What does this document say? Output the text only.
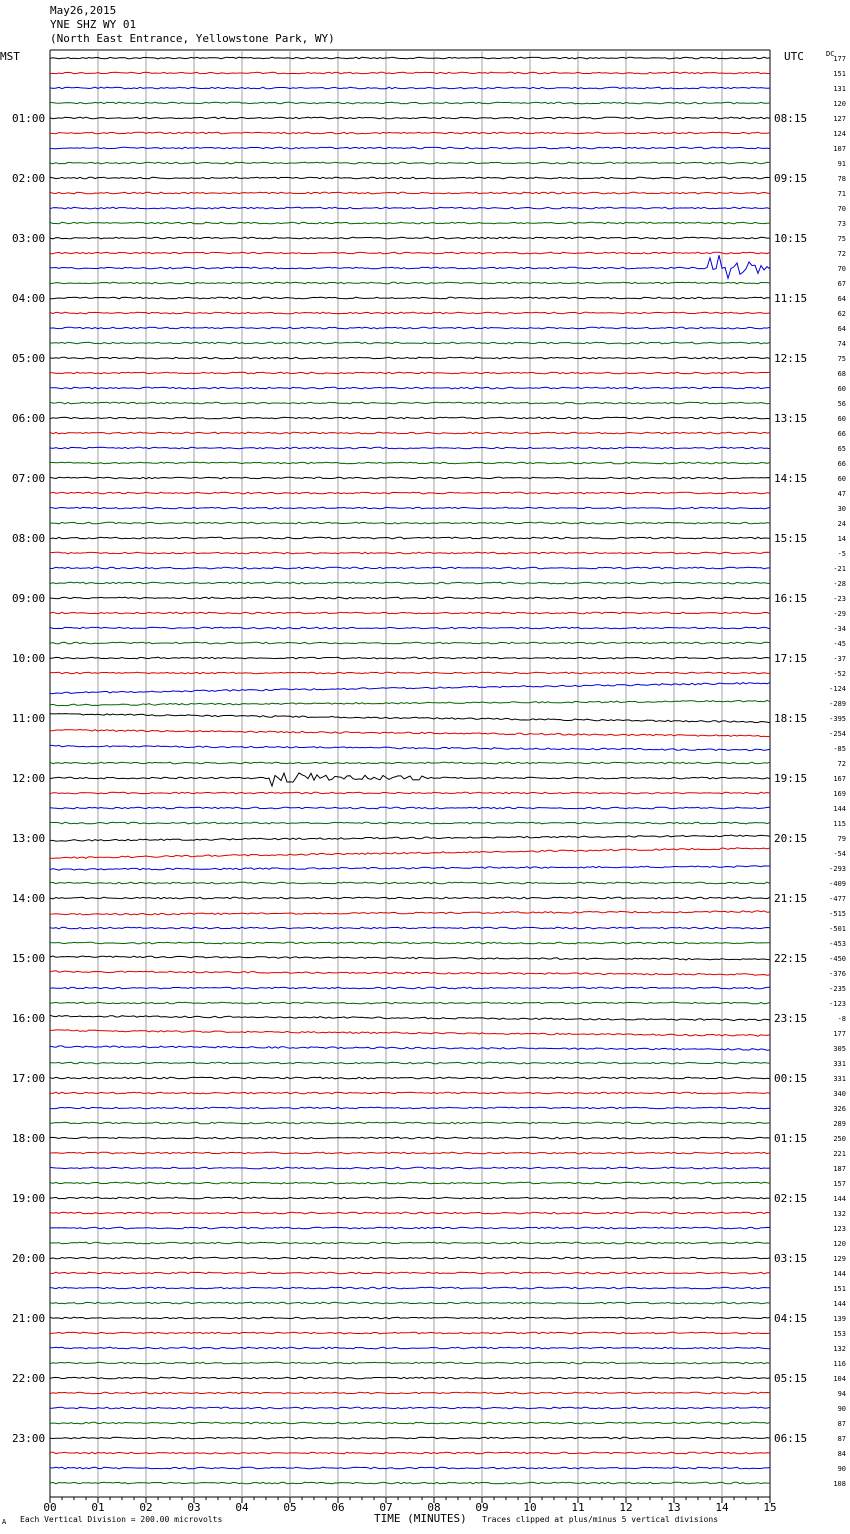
May26,2015
YNE SHZ WY 01
(North East Entrance, Yellowstone Park, WY)
00	01	02	03	04	05	06	07	08	09	10	11	12	13	14	15
01:00	08:15
02:00	09:15
03:00	10:15
04:00	11:15
05:00	12:15
06:00	13:15
07:00	14:15
08:00	15:15
09:00	16:15
10:00	17:15
11:00	18:15
12:00	19:15
13:00	20:15
14:00	21:15
15:00	22:15
16:00	23:15
17:00	00:15
18:00	01:15
19:00	02:15
20:00	03:15
21:00	04:15
22:00	05:15
23:00	06:15
177
151
131
120
127
124
107
91
78
71
70
73
75
72
70
67
64
62
64
74
75
68
60
56
60
66
65
66
60
47
30
24
14
-5
-21
-28
-23
-29
-34
-45
-37
-52
-124
-289
-395
-254
-85
72
167
169
144
115
79
-54
-293
-409
-477
-515
-501
-453
-450
-376
-235
-123
-8
177
305
331
331
340
326
289
250
221
187
157
144
132
123
120
129
144
151
144
139
153
132
116
104
94
90
87
87
84
90
108
MST	UTC	DC
A Each Vertical Division = 200.00 microvolts	TIME (MINUTES) Traces clipped at plus/minus 5 vertical divisions
